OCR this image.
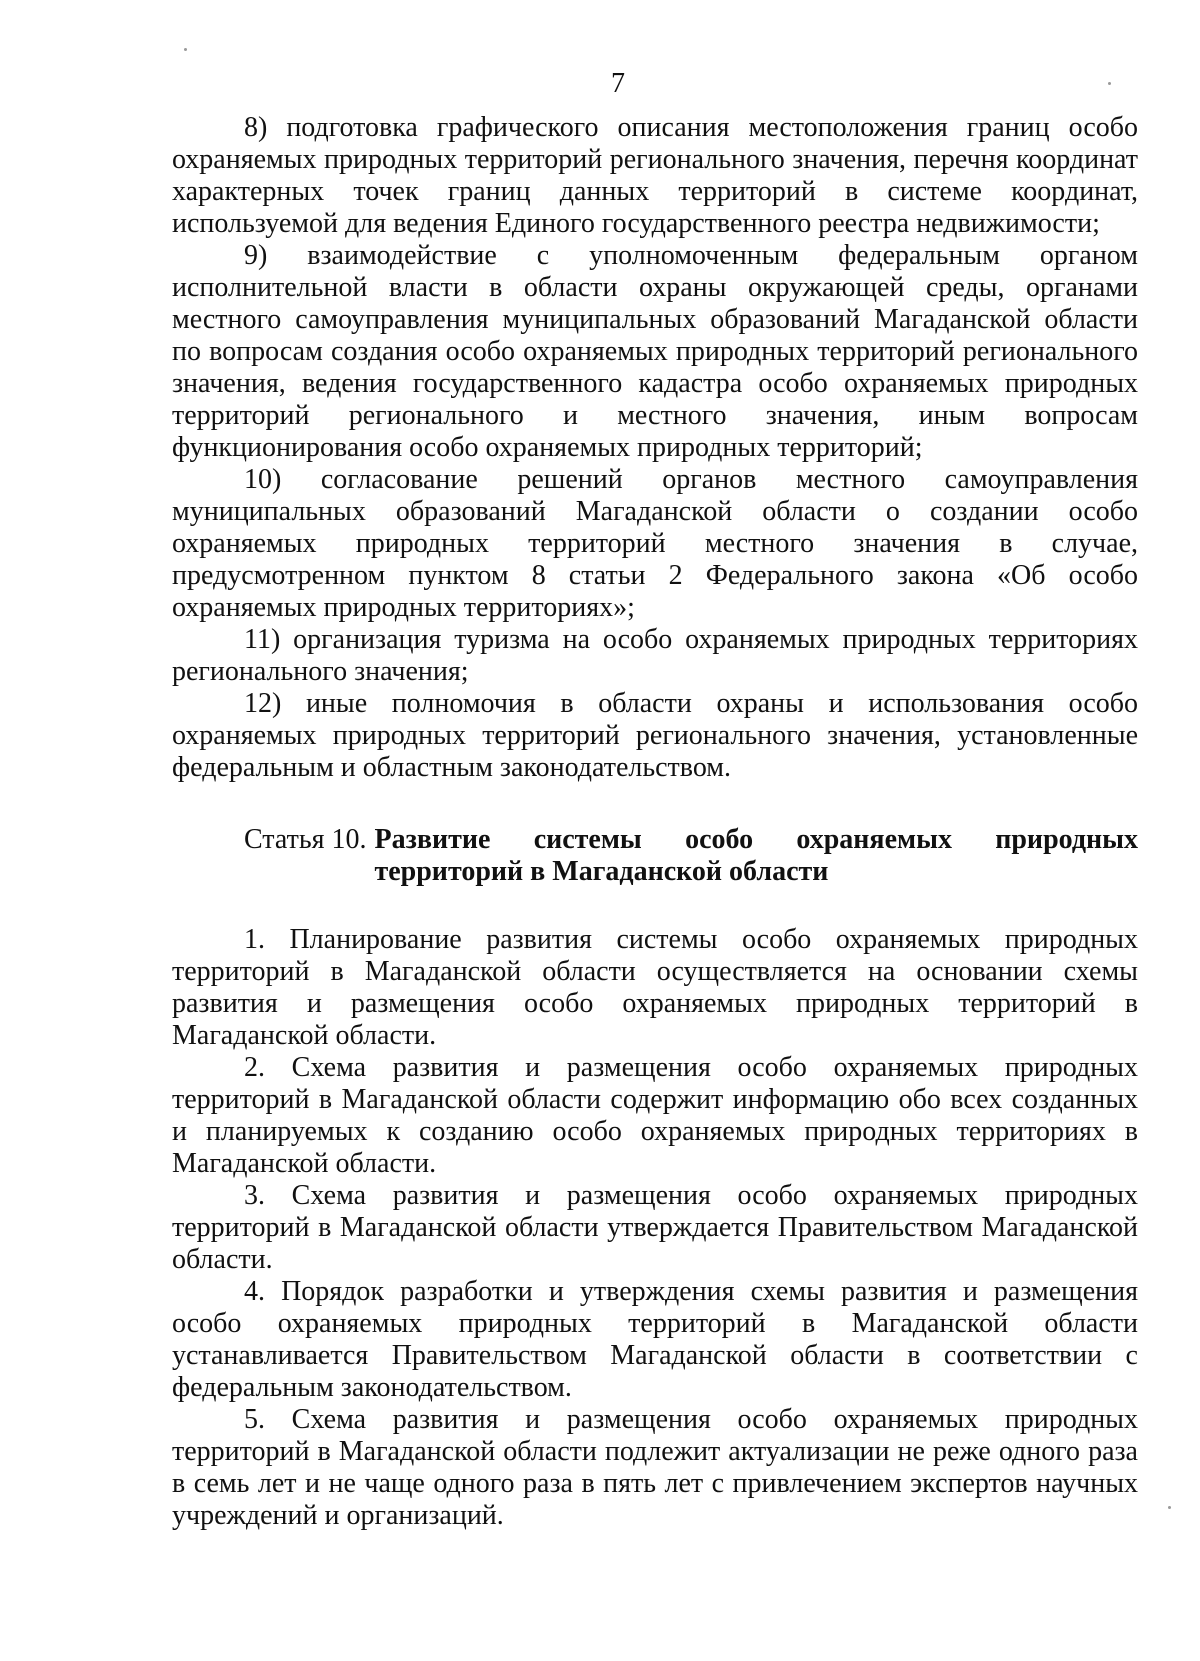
7

8) подготовка графического описания местоположения границ особо охраняемых природных территорий регионального значения, перечня координат характерных точек границ данных территорий в системе координат, используемой для ведения Единого государственного реестра недвижимости;

9) взаимодействие с уполномоченным федеральным органом исполнительной власти в области охраны окружающей среды, органами местного самоуправления муниципальных образований Магаданской области по вопросам создания особо охраняемых природных территорий регионального значения, ведения государственного кадастра особо охраняемых природных территорий регионального и местного значения, иным вопросам функционирования особо охраняемых природных территорий;

10) согласование решений органов местного самоуправления муниципальных образований Магаданской области о создании особо охраняемых природных территорий местного значения в случае, предусмотренном пунктом 8 статьи 2 Федерального закона «Об особо охраняемых природных территориях»;

11) организация туризма на особо охраняемых природных территориях регионального значения;

12) иные полномочия в области охраны и использования особо охраняемых природных территорий регионального значения, установленные федеральным и областным законодательством.

Статья 10. Развитие системы особо охраняемых природных
территорий в Магаданской области

1. Планирование развития системы особо охраняемых природных территорий в Магаданской области осуществляется на основании схемы развития и размещения особо охраняемых природных территорий в Магаданской области.

2. Схема развития и размещения особо охраняемых природных территорий в Магаданской области содержит информацию обо всех созданных и планируемых к созданию особо охраняемых природных территориях в Магаданской области.

3. Схема развития и размещения особо охраняемых природных территорий в Магаданской области утверждается Правительством Магаданской области.

4. Порядок разработки и утверждения схемы развития и размещения особо охраняемых природных территорий в Магаданской области устанавливается Правительством Магаданской области в соответствии с федеральным законодательством.

5. Схема развития и размещения особо охраняемых природных территорий в Магаданской области подлежит актуализации не реже одного раза в семь лет и не чаще одного раза в пять лет с привлечением экспертов научных учреждений и организаций.
